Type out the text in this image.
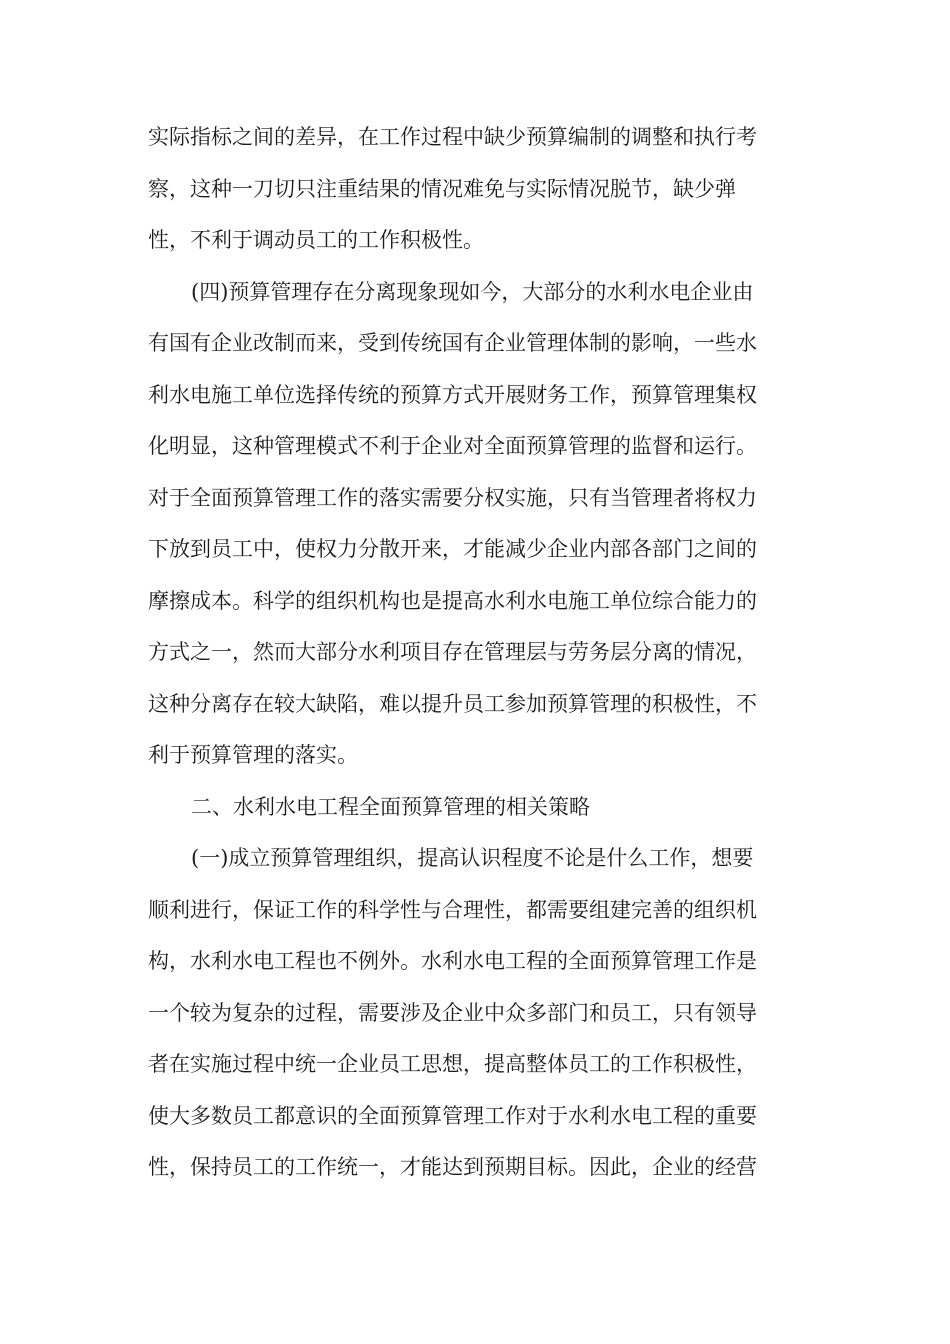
实际指标之间的差异，在工作过程中缺少预算编制的调整和执行考
察，这种一刀切只注重结果的情况难免与实际情况脱节，缺少弹
性，不利于调动员工的工作积极性。
(四)预算管理存在分离现象现如今，大部分的水利水电企业由
有国有企业改制而来，受到传统国有企业管理体制的影响，一些水
利水电施工单位选择传统的预算方式开展财务工作，预算管理集权
化明显，这种管理模式不利于企业对全面预算管理的监督和运行。
对于全面预算管理工作的落实需要分权实施，只有当管理者将权力
下放到员工中，使权力分散开来，才能减少企业内部各部门之间的
摩擦成本。科学的组织机构也是提高水利水电施工单位综合能力的
方式之一，然而大部分水利项目存在管理层与劳务层分离的情况，
这种分离存在较大缺陷，难以提升员工参加预算管理的积极性，不
利于预算管理的落实。
二、水利水电工程全面预算管理的相关策略
(一)成立预算管理组织，提高认识程度不论是什么工作，想要
顺利进行，保证工作的科学性与合理性，都需要组建完善的组织机
构，水利水电工程也不例外。水利水电工程的全面预算管理工作是
一个较为复杂的过程，需要涉及企业中众多部门和员工，只有领导
者在实施过程中统一企业员工思想，提高整体员工的工作积极性，
使大多数员工都意识的全面预算管理工作对于水利水电工程的重要
性，保持员工的工作统一，才能达到预期目标。因此，企业的经营
